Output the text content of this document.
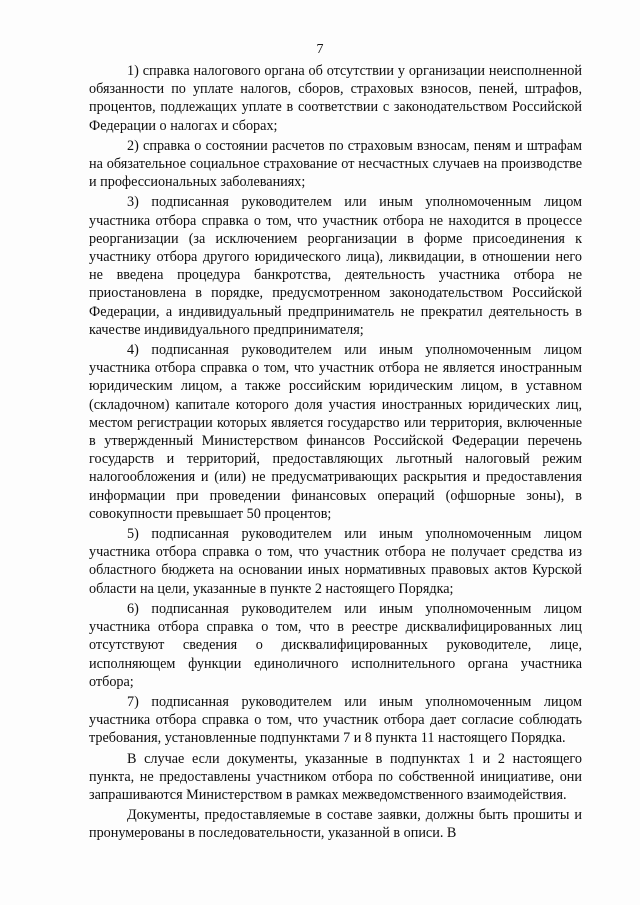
7

1) справка налогового органа об отсутствии у организации неисполненной обязанности по уплате налогов, сборов, страховых взносов, пеней, штрафов, процентов, подлежащих уплате в соответствии с законодательством Российской Федерации о налогах и сборах;

2) справка о состоянии расчетов по страховым взносам, пеням и штрафам на обязательное социальное страхование от несчастных случаев на производстве и профессиональных заболеваниях;

3) подписанная руководителем или иным уполномоченным лицом участника отбора справка о том, что участник отбора не находится в процессе реорганизации (за исключением реорганизации в форме присоединения к участнику отбора другого юридического лица), ликвидации, в отношении него не введена процедура банкротства, деятельность участника отбора не приостановлена в порядке, предусмотренном законодательством Российской Федерации, а индивидуальный предприниматель не прекратил деятельность в качестве индивидуального предпринимателя;

4) подписанная руководителем или иным уполномоченным лицом участника отбора справка о том, что участник отбора не является иностранным юридическим лицом, а также российским юридическим лицом, в уставном (складочном) капитале которого доля участия иностранных юридических лиц, местом регистрации которых является государство или территория, включенные в утвержденный Министерством финансов Российской Федерации перечень государств и территорий, предоставляющих льготный налоговый режим налогообложения и (или) не предусматривающих раскрытия и предоставления информации при проведении финансовых операций (офшорные зоны), в совокупности превышает 50 процентов;

5) подписанная руководителем или иным уполномоченным лицом участника отбора справка о том, что участник отбора не получает средства из областного бюджета на основании иных нормативных правовых актов Курской области на цели, указанные в пункте 2 настоящего Порядка;

6) подписанная руководителем или иным уполномоченным лицом участника отбора справка о том, что в реестре дисквалифицированных лиц отсутствуют сведения о дисквалифицированных руководителе, лице, исполняющем функции единоличного исполнительного органа участника отбора;

7) подписанная руководителем или иным уполномоченным лицом участника отбора справка о том, что участник отбора дает согласие соблюдать требования, установленные подпунктами 7 и 8 пункта 11 настоящего Порядка.

В случае если документы, указанные в подпунктах 1 и 2 настоящего пункта, не предоставлены участником отбора по собственной инициативе, они запрашиваются Министерством в рамках межведомственного взаимодействия.

Документы, предоставляемые в составе заявки, должны быть прошиты и пронумерованы в последовательности, указанной в описи. В
